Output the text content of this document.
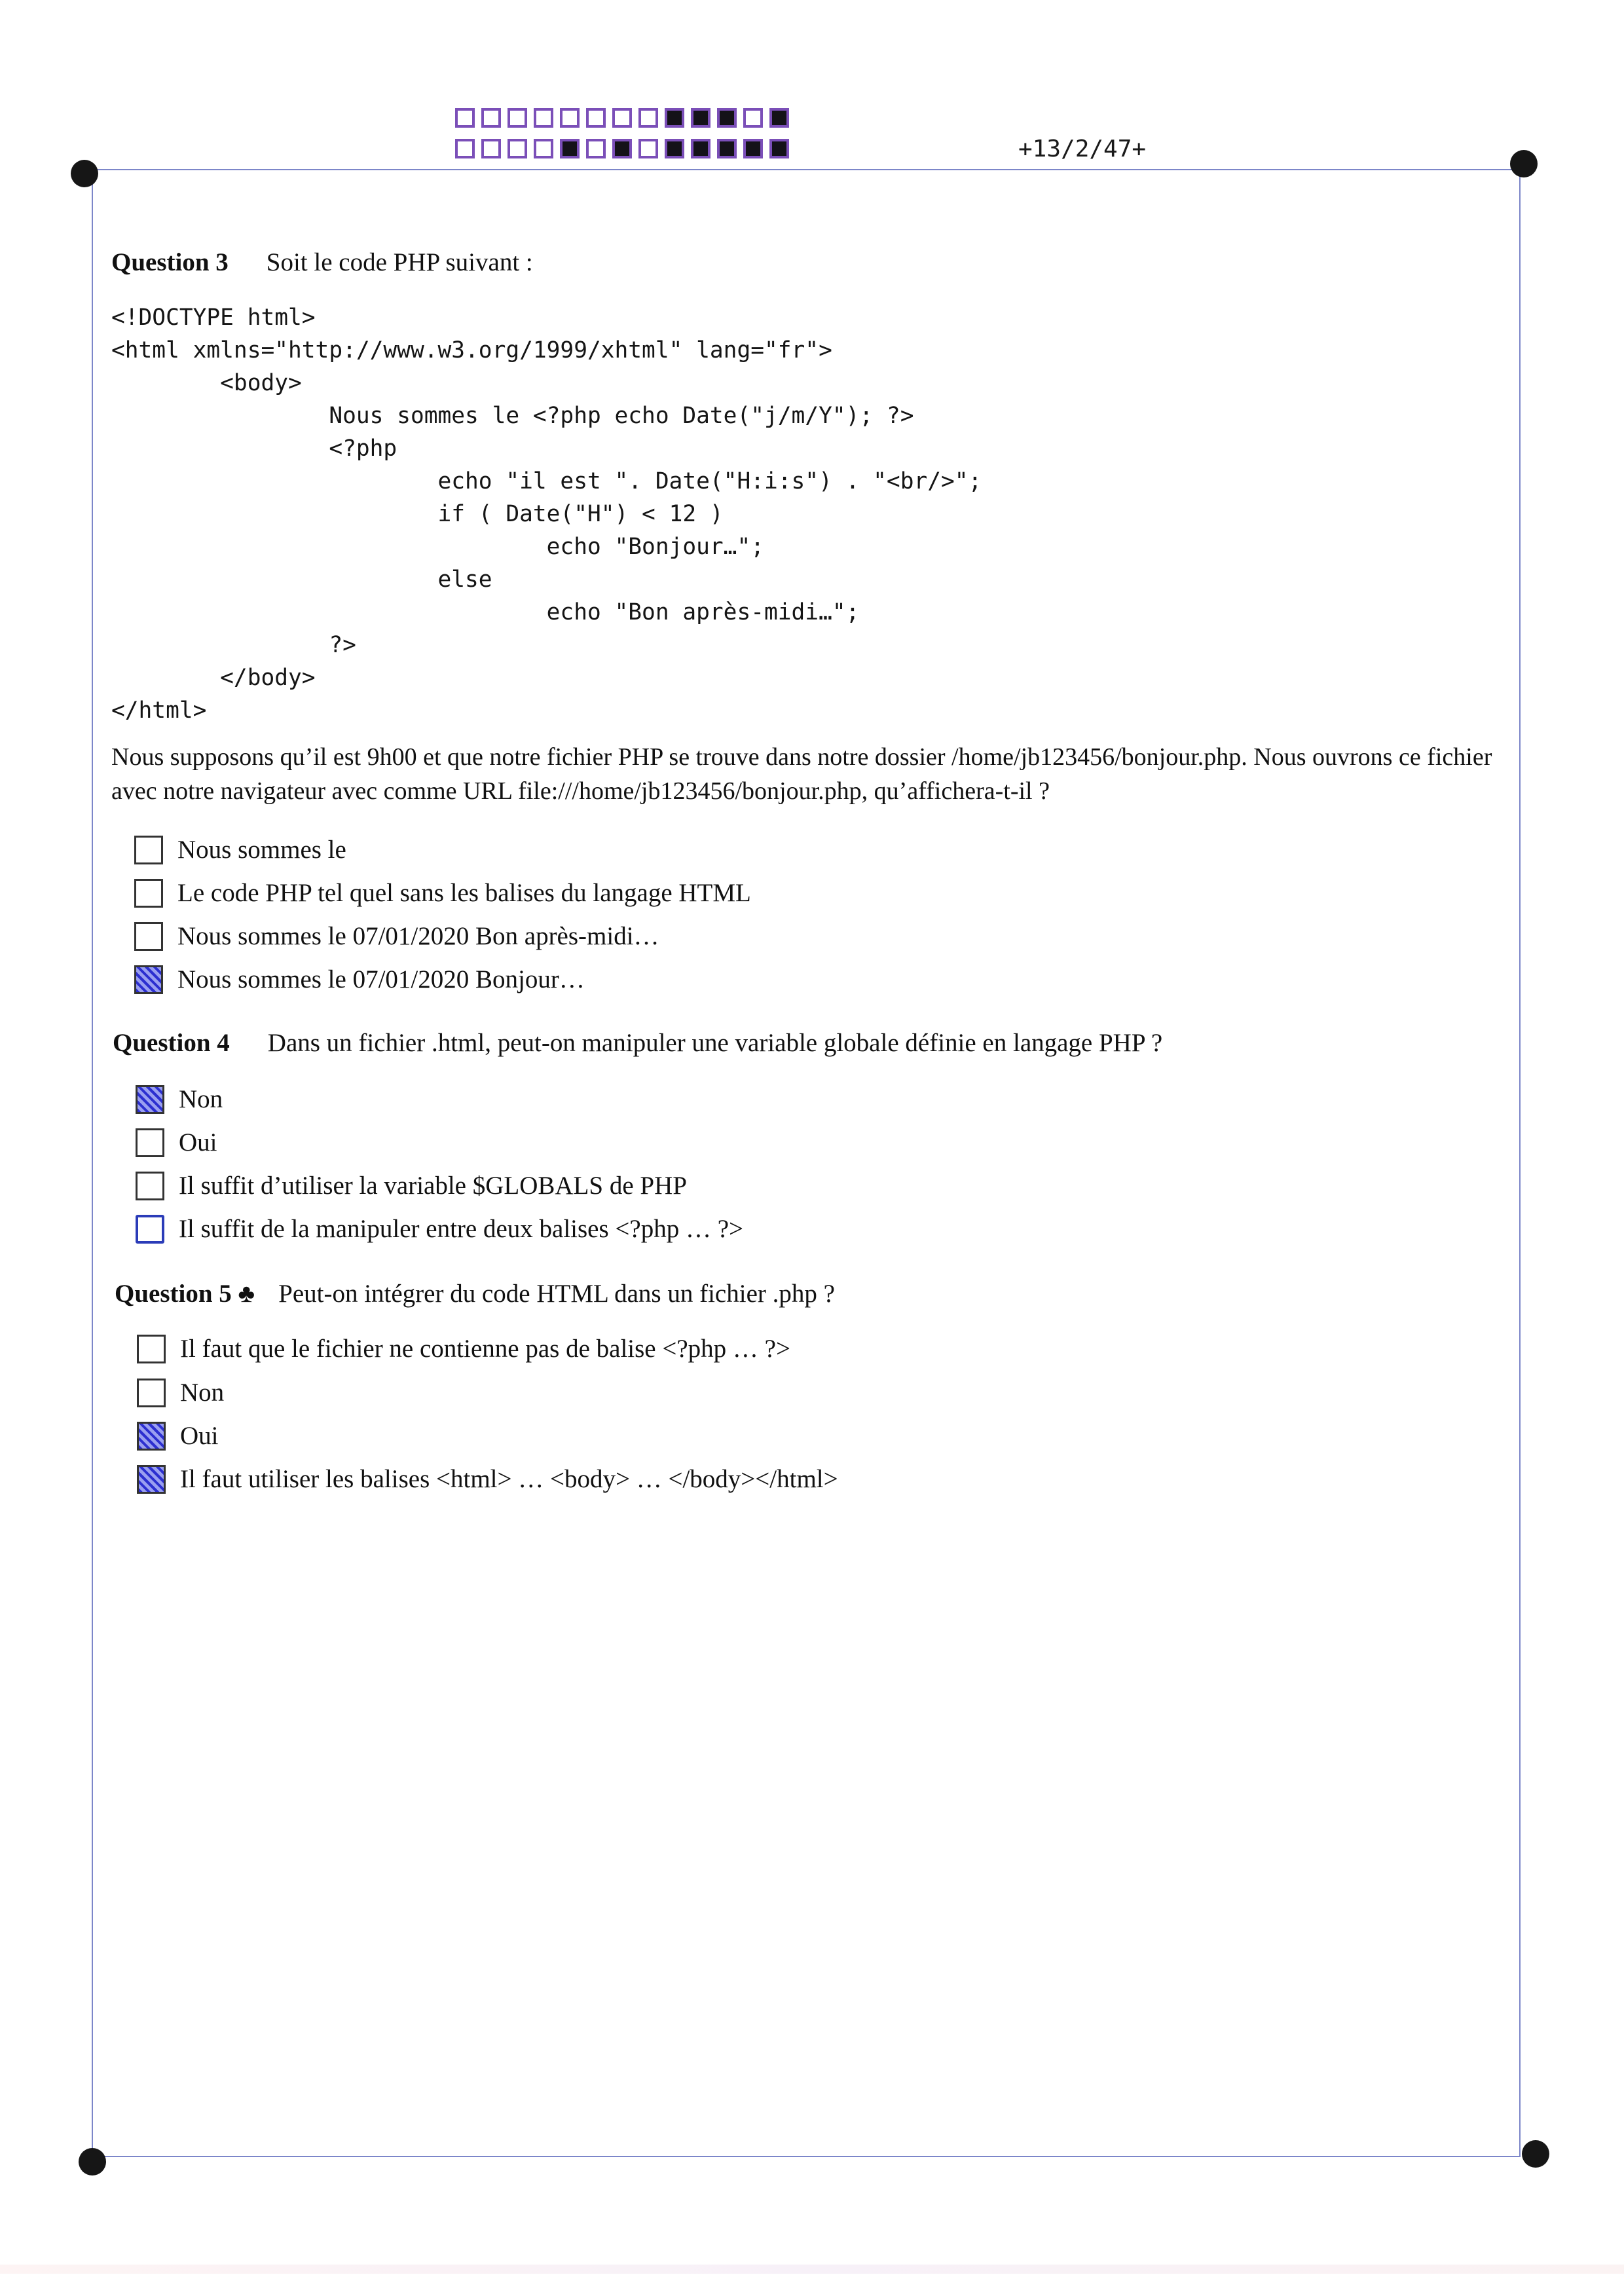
+13/2/47+
Question 3 Soit le code PHP suivant :
<!DOCTYPE html>
<html xmlns="http://www.w3.org/1999/xhtml" lang="fr">
<body>
Nous sommes le <?php echo Date("j/m/Y"); ?>
<?php
echo "il est ". Date("H:i:s") . "<br/>";
if ( Date("H") < 12 )
echo "Bonjour…";
else
echo "Bon après-midi…";
?>
</body>
</html>

Nous supposons qu’il est 9h00 et que notre fichier PHP se trouve dans notre dossier /home/jb123456/bonjour.php. Nous ouvrons ce fichier avec notre navigateur avec comme URL file:///home/jb123456/bonjour.php, qu’affichera-t-il ?

Nous sommes le
Le code PHP tel quel sans les balises du langage HTML
Nous sommes le 07/01/2020 Bon après-midi…
Nous sommes le 07/01/2020 Bonjour…
Question 4 Dans un fichier .html, peut-on manipuler une variable globale définie en langage PHP ?
Non
Oui
Il suffit d’utiliser la variable $GLOBALS de PHP
Il suffit de la manipuler entre deux balises <?php … ?>
Question 5 ♣ Peut-on intégrer du code HTML dans un fichier .php ?
Il faut que le fichier ne contienne pas de balise <?php … ?>
Non
Oui
Il faut utiliser les balises <html> … <body> … </body></html>
